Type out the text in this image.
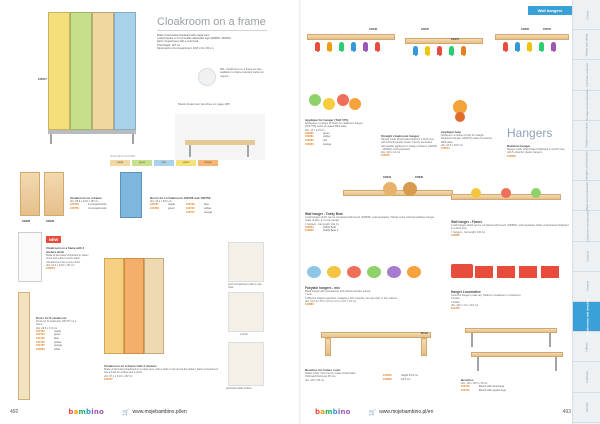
100517
Cloakroom on a frame
Made of laminated chipboard with maple bars
Locked hooks on 3 removable adjustable legs (300802, 300062)
Each compartment with a coat hook
Total height: 187 cm
Dimensions of a compartment: 34.8 x 34 x 84 cm
PRL: Cloakrooms on a frame are also available in a flame-retardant variant on request
Metal cloakroom benches on page 485
AVAILABLE COLOURS:
maple	green	blue	yellow	orange
100038	100039
Cloakroom on a frame
dim: 86.8 x 34.8 x 187 cm
100760	6 compartments
100758	4 compartments
Doors for H cloakroom 100758 and 100759
dim: 34.2 x 83.2 cm
100737	maple
100738	green
100739	blue
100740	yellow
100741	orange
NEW
Cloakroom on a frame with 2 shelves while
Made of laminated chipboard in pastel tones with colour inserts. Each compartment has a shoe shelf.
dim: 51.4 x 34.8 x 187 cm
100816
Doors for D cloakroom
Doors for D cloakroom 100 877 on a frame
dim: 29.8 x 171 cm
101763	maple
101764	green
101765	blue
101766	yellow
101767	orange
100600	white
Cloakroom on a frame with 3 shelves
Made of laminated chipboard in a maple tone, with a shelf on top and at the bottom. Each compartment has a hook for clothes and a shelf.
dim: 87.2 x 34.8 x 187 cm
100737
each compartment with a coat hook
a shelf
perforated plate bottom
492	bambino	🛒 www.mojebambino.pl/en
100349	100070
100071
100060	100070
Appliqué for hanger (TAK 575)
Appliqués in a shape of flower for cloakroom hanger (TAK 575) made of coated MDF plate.
dim: 13 x 14.5 cm
100060	green
100061	yellow
100062	red
100063	orange
Straight cloakroom hanger
Hanger made of laminated board in a birch tone with colourful plastic hooks. Can be decorated with starfish appliqués in shape of flowers (100060 - 100063), sold separately.
dim: 100 x 14 cm
100070
Appliqué help
Appliqué in a shape of help for straight cloakroom hanger (100070) made of coloured MDF plate.
dim: 20.5 x 18.5 cm
100071
Hangers
Rainbow hanger
Hanger made of laminated chipboard in a birch tone, with 5 colourful, plastic hangers.
100048
100844	100845
Wall hanger - Teddy Bear
A wall hanger which can be completed with bench (100836), sold separately. Thanks to the colourful applique hanger made of pine, it is a fun hanger.
1 hangers - bar length: 102 cm
100844	Teddy Bear
100845	Teddy Bear 2
Wall hanger - Flower
A wall hanger which can be completed with bench (100836), sold separately. Made of laminated chipboard in a birch tone.
7 hangers - bar length: 105 cm
100856
Fairytale hangers - mix
Metal hanger with animated tip and colorful wooden animal.
7 sets
6 different shapes (elephant, hedgehog, bird, butterfly, bee and owl), in four colours
dim: from 8 x 8.5 x 4.5 cm to 9 x 11.5 x 4.5 cm
100886
Hanger Locomotive
Colourful hangers make any children's cloakroom or classroom.
6 hooks
3 hooks
dim: 100 x 4.5 x 11.5 cm
100476
35 cm
Benches for locker room
Stable locker room bench, made of laminated chipboard thickness 25 mm.
dim: 100 x 35 cm
100845	height 34.5 cm
100895	34.5 cm	Benches
dim: 115 x 35.5 x 35 cm
100740	Bench with wood legs
100741	Bench with square legs
bambino	🛒 www.mojebambino.pl/en	493
Wall hangers	Chairs
Tables and desks
Furniture systems
Storage and bookcases
Children's furniture
Hangers and benches
Beds and mattresses
Classroom accessories
Outdoor
Carpets
Cloakrooms and benches
Offices
Cabinets
Kitchen
